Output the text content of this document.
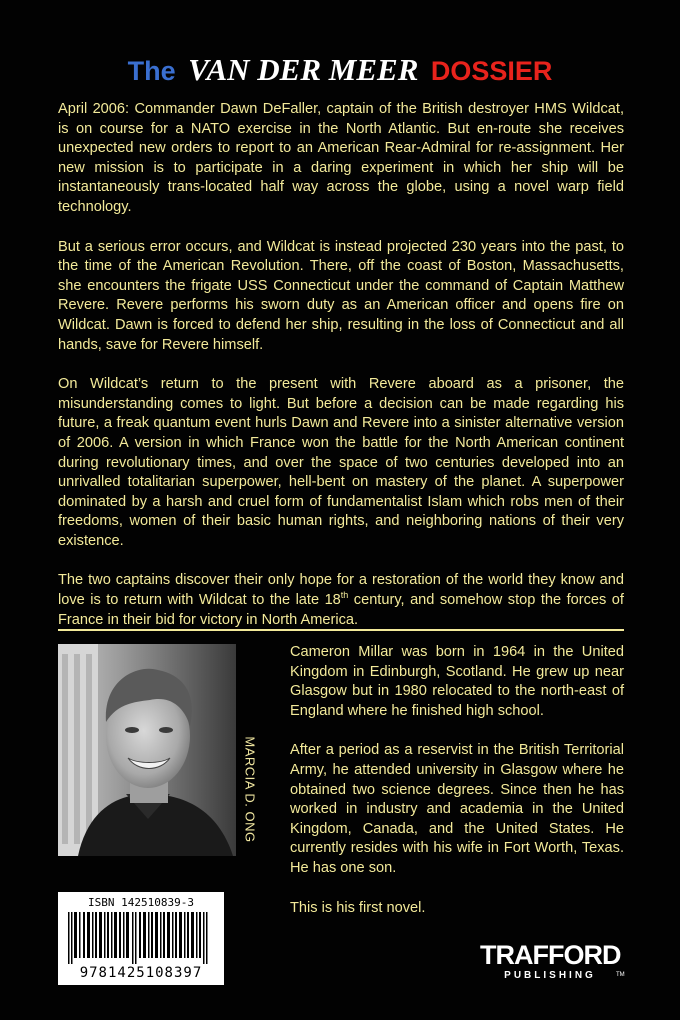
The VAN DER MEER DOSSIER

April 2006: Commander Dawn DeFaller, captain of the British destroyer HMS Wildcat, is on course for a NATO exercise in the North Atlantic. But en-route she receives unexpected new orders to report to an American Rear-Admiral for re-assignment. Her new mission is to participate in a daring experiment in which her ship will be instantaneously trans-located half way across the globe, using a novel warp field technology.

But a serious error occurs, and Wildcat is instead projected 230 years into the past, to the time of the American Revolution. There, off the coast of Boston, Massachusetts, she encounters the frigate USS Connecticut under the command of Captain Matthew Revere. Revere performs his sworn duty as an American officer and opens fire on Wildcat. Dawn is forced to defend her ship, resulting in the loss of Connecticut and all hands, save for Revere himself.

On Wildcat’s return to the present with Revere aboard as a prisoner, the misunderstanding comes to light. But before a decision can be made regarding his future, a freak quantum event hurls Dawn and Revere into a sinister alternative version of 2006. A version in which France won the battle for the North American continent during revolutionary times, and over the space of two centuries developed into an unrivalled totalitarian superpower, hell-bent on mastery of the planet. A superpower dominated by a harsh and cruel form of fundamentalist Islam which robs men of their freedoms, women of their basic human rights, and neighboring nations of their very existence.

The two captains discover their only hope for a restoration of the world they know and love is to return with Wildcat to the late 18th century, and somehow stop the forces of France in their bid for victory in North America.

MARCIA D. ONG

Cameron Millar was born in 1964 in the United Kingdom in Edinburgh, Scotland. He grew up near Glasgow but in 1980 relocated to the north-east of England where he finished high school.

After a period as a reservist in the British Territorial Army, he attended university in Glasgow where he obtained two science degrees. Since then he has worked in industry and academia in the United Kingdom, Canada, and the United States. He currently resides with his wife in Fort Worth, Texas. He has one son.

This is his first novel.

ISBN 142510839-3
9781425108397
TRAFFORD
PUBLISHING	TM
